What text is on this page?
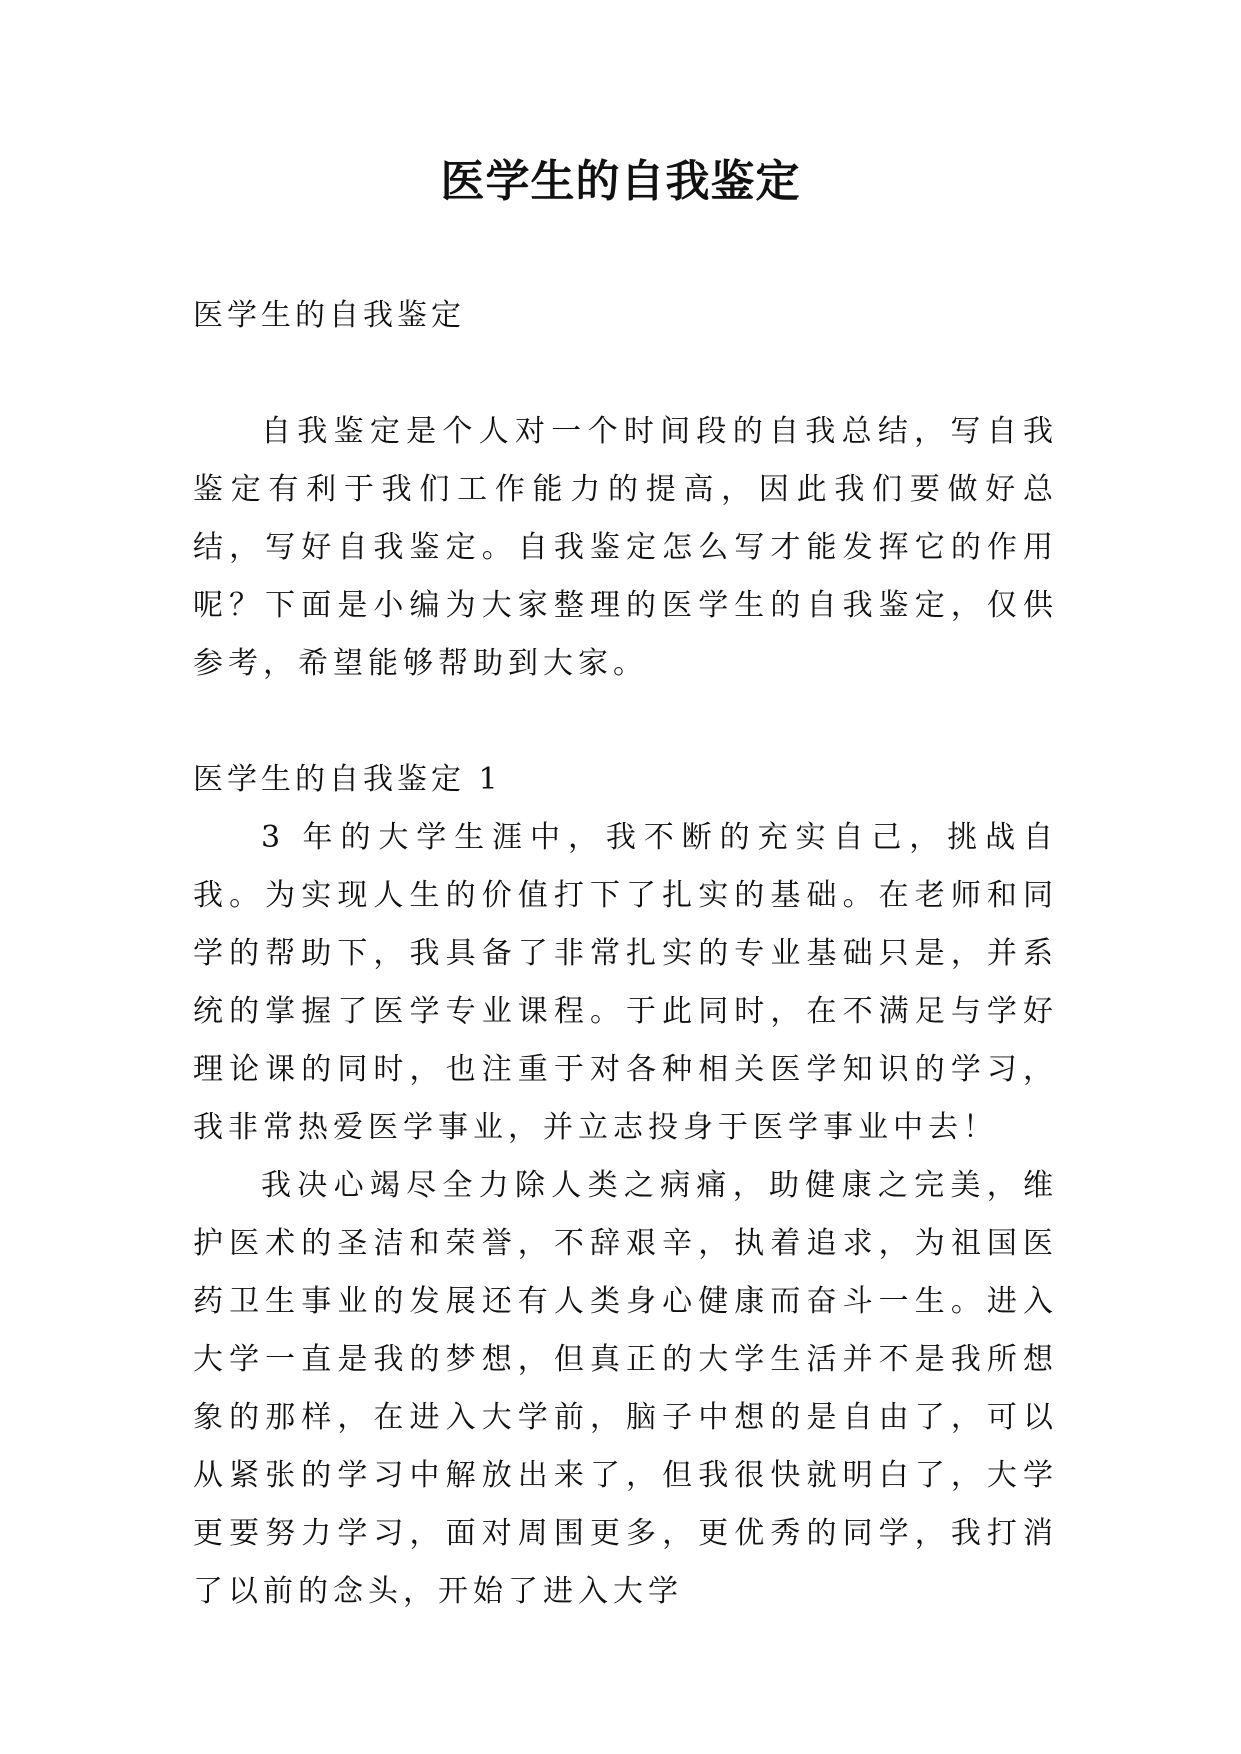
医学生的自我鉴定

医学生的自我鉴定

自我鉴定是个人对一个时间段的自我总结，写自我鉴定有利于我们工作能力的提高，因此我们要做好总结，写好自我鉴定。自我鉴定怎么写才能发挥它的作用呢？下面是小编为大家整理的医学生的自我鉴定，仅供参考，希望能够帮助到大家。

医学生的自我鉴定 1

3 年的大学生涯中，我不断的充实自己，挑战自我。为实现人生的价值打下了扎实的基础。在老师和同学的帮助下，我具备了非常扎实的专业基础只是，并系统的掌握了医学专业课程。于此同时，在不满足与学好理论课的同时，也注重于对各种相关医学知识的学习，我非常热爱医学事业，并立志投身于医学事业中去！

我决心竭尽全力除人类之病痛，助健康之完美，维护医术的圣洁和荣誉，不辞艰辛，执着追求，为祖国医药卫生事业的发展还有人类身心健康而奋斗一生。进入大学一直是我的梦想，但真正的大学生活并不是我所想象的那样，在进入大学前，脑子中想的是自由了，可以从紧张的学习中解放出来了，但我很快就明白了，大学更要努力学习，面对周围更多，更优秀的同学，我打消了以前的念头，开始了进入大学
